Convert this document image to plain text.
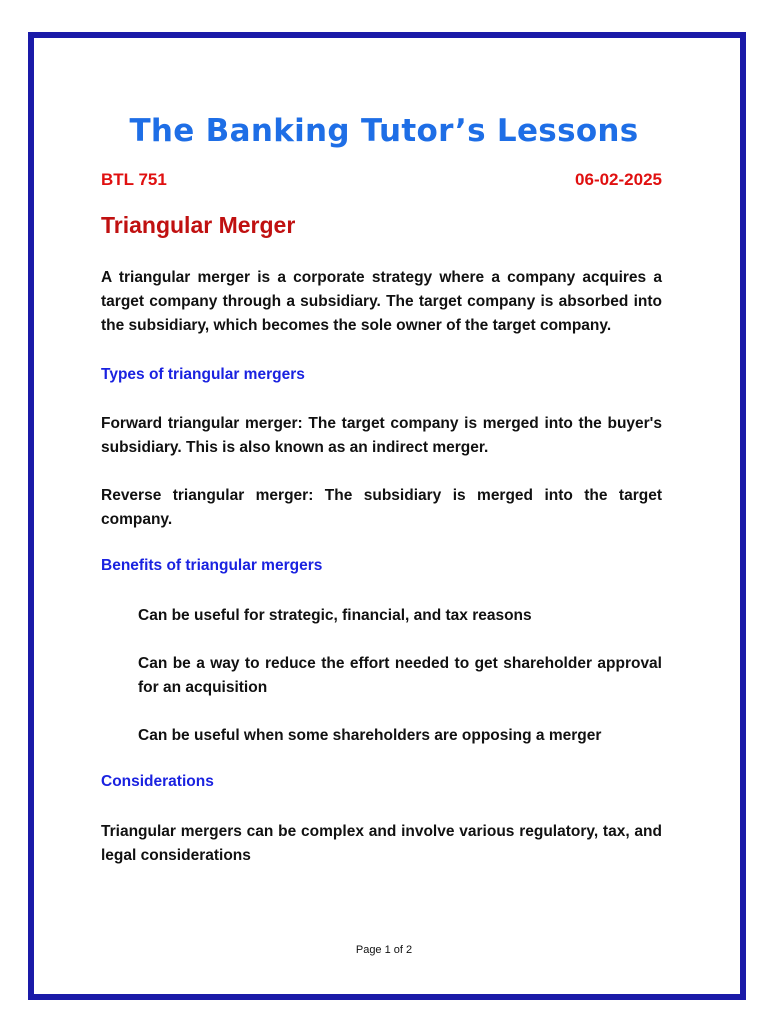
The Banking Tutor’s Lessons
BTL 751	06-02-2025
Triangular Merger
A triangular merger is a corporate strategy where a company acquires a target company through a subsidiary. The target company is absorbed into the subsidiary, which becomes the sole owner of the target company.
Types of triangular mergers
Forward triangular merger: The target company is merged into the buyer's subsidiary. This is also known as an indirect merger.
Reverse triangular merger: The subsidiary is merged into the target company.
Benefits of triangular mergers
Can be useful for strategic, financial, and tax reasons
Can be a way to reduce the effort needed to get shareholder approval for an acquisition
Can be useful when some shareholders are opposing a merger
Considerations
Triangular mergers can be complex and involve various regulatory, tax, and legal considerations
Page 1 of 2
